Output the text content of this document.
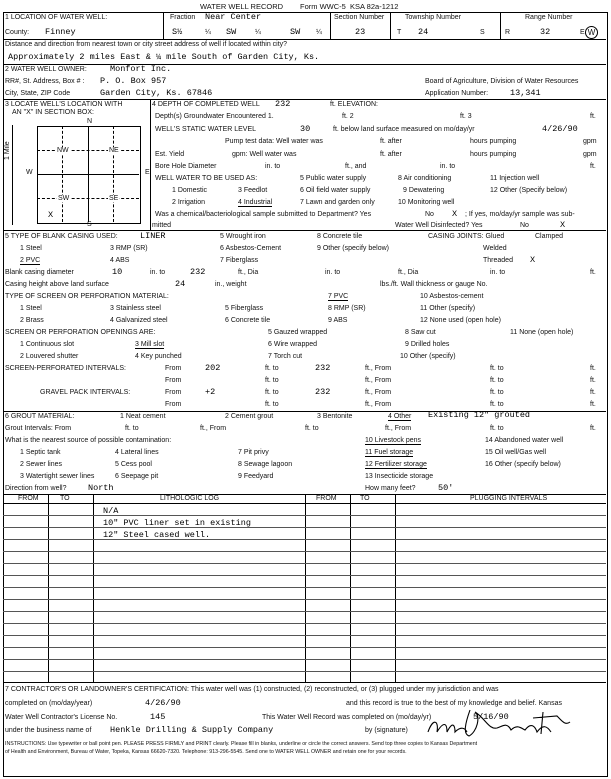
WATER WELL RECORD Form WWC-5 KSA 82a-1212
1 LOCATION OF WATER WELL:
County: Finney
Fraction Near Center
S½	¼ SW	¼	SW ¼
Section Number
23
Township Number
T 24	S
Range Number
R	32	E W
Distance and direction from nearest town or city street address of well if located within city?
Approximately 2 miles East & ¼ mile South of Garden City, Ks.
2 WATER WELL OWNER:	Monfort Inc.
RR#, St. Address, Box # : P. O. Box 957
City, State, ZIP Code	Garden City, Ks. 67846
Board of Agriculture, Division of Water Resources
Application Number:	13,341
3 LOCATE WELL'S LOCATION WITH
AN "X" IN SECTION BOX:
N
S
W	E
1 Mile	NW	NE
SW	SE
X
4 DEPTH OF COMPLETED WELL 232	ft. ELEVATION:
Depth(s) Groundwater Encountered 1.	ft. 2	ft. 3	ft.
WELL'S STATIC WATER LEVEL	30	ft. below land surface measured on mo/day/yr	4/26/90
Pump test data: Well water was	ft. after	hours pumping	gpm
Est. Yield	gpm: Well water was	ft. after	hours pumping	gpm
Bore Hole Diameter	in. to	ft., and	in. to	ft.
WELL WATER TO BE USED AS:	5 Public water supply	8 Air conditioning	11 Injection well
1 Domestic	3 Feedlot	6 Oil field water supply	9 Dewatering	12 Other (Specify below)
2 Irrigation	4 Industrial	7 Lawn and garden only	10 Monitoring well
Was a chemical/bacteriological sample submitted to Department? Yes	No X ; If yes, mo/day/yr sample was sub-
mitted	Water Well Disinfected? Yes	No	X
5 TYPE OF BLANK CASING USED:	LINER	5 Wrought iron	8 Concrete tile	CASING JOINTS: Glued	Clamped
1 Steel	3 RMP (SR)	6 Asbestos-Cement	9 Other (specify below)	Welded
2 PVC	4 ABS	7 Fiberglass	Threaded X
Blank casing diameter	10	in. to	232	ft., Dia	in. to	ft., Dia	in. to	ft.
Casing height above land surface	24	in., weight	lbs./ft. Wall thickness or gauge No.
TYPE OF SCREEN OR PERFORATION MATERIAL:	7 PVC	10 Asbestos-cement
1 Steel	3 Stainless steel	5 Fiberglass	8 RMP (SR)	11 Other (specify)
2 Brass	4 Galvanized steel	6 Concrete tile	9 ABS	12 None used (open hole)
SCREEN OR PERFORATION OPENINGS ARE:	5 Gauzed wrapped	8 Saw cut	11 None (open hole)
1 Continuous slot	3 Mill slot	6 Wire wrapped	9 Drilled holes
2 Louvered shutter	4 Key punched	7 Torch cut	10 Other (specify)
SCREEN-PERFORATED INTERVALS:	From	202	ft. to	232	ft., From	ft. to	ft.
From	ft. to	ft., From	ft. to	ft.
GRAVEL PACK INTERVALS:	From	+2	ft. to	232	ft., From	ft. to	ft.
From	ft. to	ft., From	ft. to	ft.
6 GROUT MATERIAL:	1 Neat cement	2 Cement grout	3 Bentonite	4 Other Existing 12" grouted
Grout Intervals: From	ft. to	ft., From	ft. to	ft., From	ft. to	ft.
What is the nearest source of possible contamination:	10 Livestock pens	14 Abandoned water well
1 Septic tank	4 Lateral lines	7 Pit privy	11 Fuel storage	15 Oil well/Gas well
2 Sewer lines	5 Cess pool	8 Sewage lagoon	12 Fertilizer storage	16 Other (specify below)
3 Watertight sewer lines	6 Seepage pit	9 Feedyard	13 Insecticide storage
Direction from well?	North	How many feet?	50'
FROM	TO	LITHOLOGIC LOG	FROM	TO	PLUGGING INTERVALS
N/A
10" PVC liner set in existing
12" Steel cased well.
7 CONTRACTOR'S OR LANDOWNER'S CERTIFICATION: This water well was (1) constructed, (2) reconstructed, or (3) plugged under my jurisdiction and was
completed on (mo/day/year)	4/26/90	and this record is true to the best of my knowledge and belief. Kansas
Water Well Contractor's License No.	145	This Water Well Record was completed on (mo/day/yr)	5/16/90
under the business name of Henkle Drilling & Supply Company	by (signature)
INSTRUCTIONS: Use typewriter or ball point pen. PLEASE PRESS FIRMLY and PRINT clearly. Please fill in blanks, underline or circle the correct answers. Send top three copies to Kansas Department
of Health and Environment, Bureau of Water, Topeka, Kansas 66620-7320. Telephone: 913-296-5545. Send one to WATER WELL OWNER and retain one for your records.
